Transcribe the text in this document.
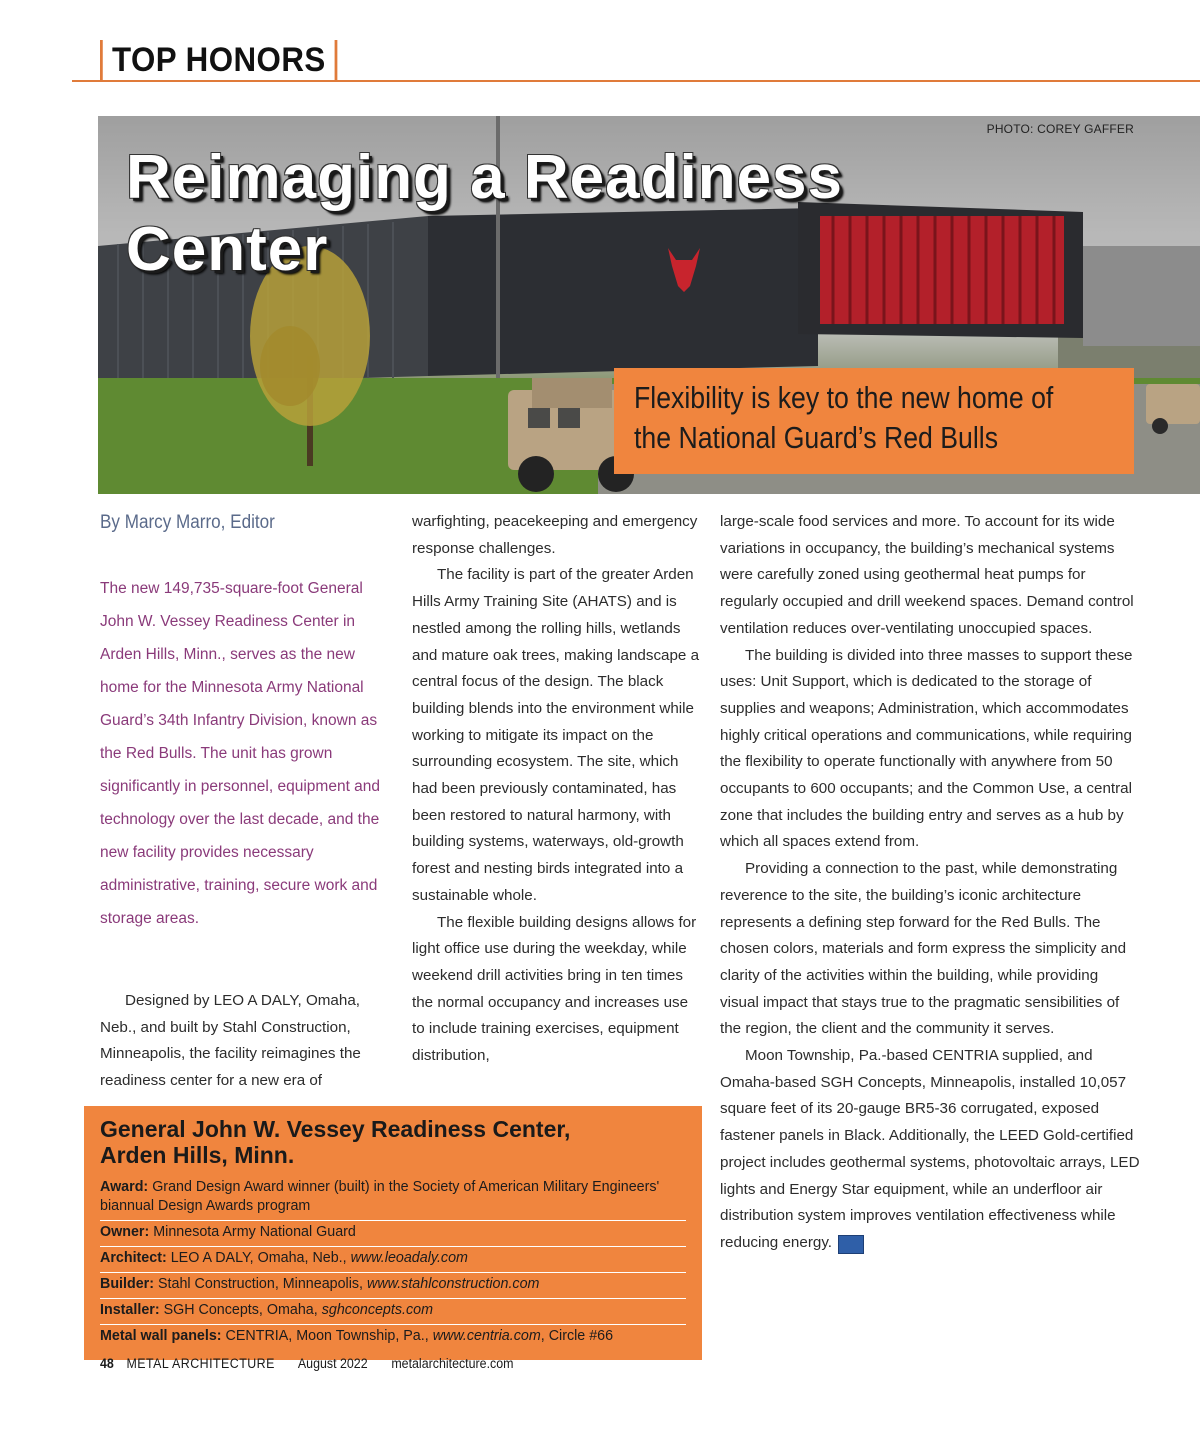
TOP HONORS
PHOTO: COREY GAFFER
Reimaging a Readiness
Center
Flexibility is key to the new home of
the National Guard’s Red Bulls
By Marcy Marro, Editor
The new 149,735-square-foot General John W. Vessey Readiness Center in Arden Hills, Minn., serves as the new home for the Minnesota Army National Guard’s 34th Infantry Division, known as the Red Bulls. The unit has grown significantly in personnel, equipment and technology over the last decade, and the new facility provides necessary administrative, training, secure work and storage areas.

Designed by LEO A DALY, Omaha, Neb., and built by Stahl Construction, Minneapolis, the facility reimagines the readiness center for a new era of

warfighting, peacekeeping and emergency response challenges.

The facility is part of the greater Arden Hills Army Training Site (AHATS) and is nestled among the rolling hills, wetlands and mature oak trees, making landscape a central focus of the design. The black building blends into the environment while working to mitigate its impact on the surrounding ecosystem. The site, which had been previously contaminated, has been restored to natural harmony, with building systems, waterways, old-growth forest and nesting birds integrated into a sustainable whole.

The flexible building designs allows for light office use during the weekday, while weekend drill activities bring in ten times the normal occupancy and increases use to include training exercises, equipment distribution,

large-scale food services and more. To account for its wide variations in occupancy, the building’s mechanical systems were carefully zoned using geothermal heat pumps for regularly occupied and drill weekend spaces. Demand control ventilation reduces over-ventilating unoccupied spaces.

The building is divided into three masses to support these uses: Unit Support, which is dedicated to the storage of supplies and weapons; Administration, which accommodates highly critical operations and communications, while requiring the flexibility to operate functionally with anywhere from 50 occupants to 600 occupants; and the Common Use, a central zone that includes the building entry and serves as a hub by which all spaces extend from.

Providing a connection to the past, while demonstrating reverence to the site, the building’s iconic architecture represents a defining step forward for the Red Bulls. The chosen colors, materials and form express the simplicity and clarity of the activities within the building, while providing visual impact that stays true to the pragmatic sensibilities of the region, the client and the community it serves.

Moon Township, Pa.-based CENTRIA supplied, and Omaha-based SGH Concepts, Minneapolis, installed 10,057 square feet of its 20-gauge BR5-36 corrugated, exposed fastener panels in Black. Additionally, the LEED Gold-certified project includes geothermal systems, photovoltaic arrays, LED lights and Energy Star equipment, while an underfloor air distribution system improves ventilation effectiveness while reducing energy. Ma

General John W. Vessey Readiness Center,
Arden Hills, Minn.
Award: Grand Design Award winner (built) in the Society of American Military Engineers' biannual Design Awards program
Owner: Minnesota Army National Guard
Architect: LEO A DALY, Omaha, Neb., www.leoadaly.com
Builder: Stahl Construction, Minneapolis, www.stahlconstruction.com
Installer: SGH Concepts, Omaha, sghconcepts.com
Metal wall panels: CENTRIA, Moon Township, Pa., www.centria.com, Circle #66
48 METAL ARCHITECTURE August 2022 metalarchitecture.com
